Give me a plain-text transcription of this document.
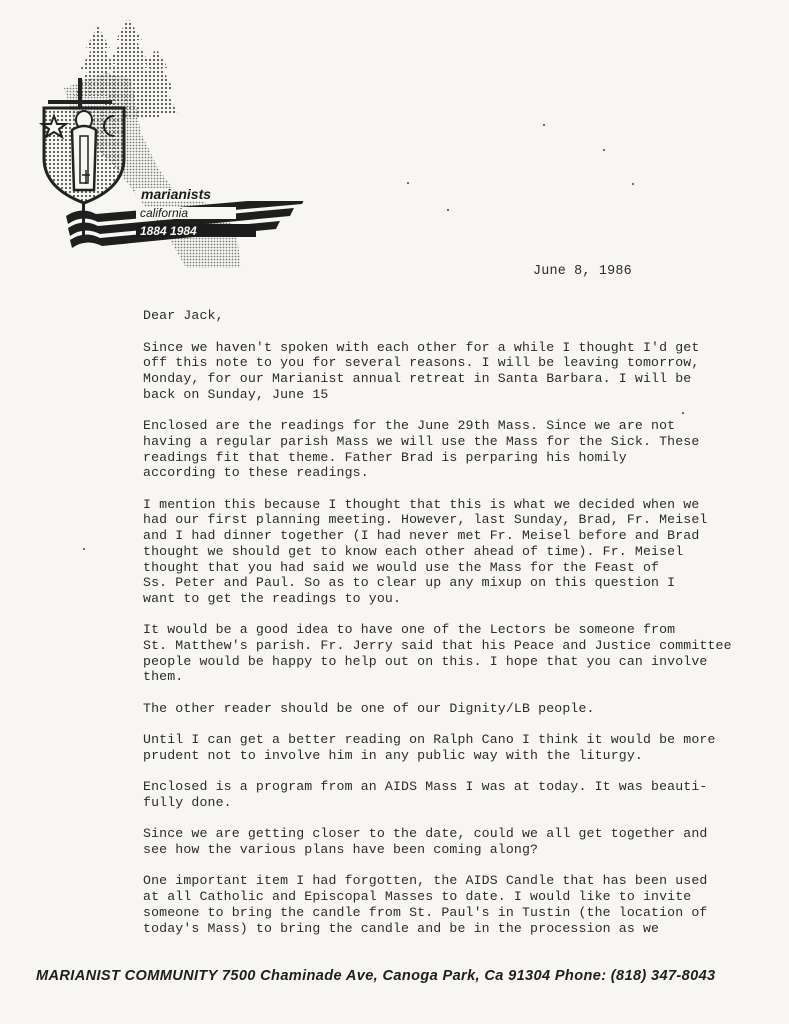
marianists
california
1884 1984
June 8, 1986

Dear Jack,

Since we haven't spoken with each other for a while I thought I'd get
off this note to you for several reasons. I will be leaving tomorrow,
Monday, for our Marianist annual retreat in Santa Barbara. I will be
back on Sunday, June 15

Enclosed are the readings for the June 29th Mass. Since we are not
having a regular parish Mass we will use the Mass for the Sick. These
readings fit that theme. Father Brad is perparing his homily
according to these readings.

I mention this because I thought that this is what we decided when we
had our first planning meeting. However, last Sunday, Brad, Fr. Meisel
and I had dinner together (I had never met Fr. Meisel before and Brad
thought we should get to know each other ahead of time). Fr. Meisel
thought that you had said we would use the Mass for the Feast of
Ss. Peter and Paul. So as to clear up any mixup on this question I
want to get the readings to you.

It would be a good idea to have one of the Lectors be someone from
St. Matthew's parish. Fr. Jerry said that his Peace and Justice committee
people would be happy to help out on this. I hope that you can involve
them.

The other reader should be one of our Dignity/LB people.

Until I can get a better reading on Ralph Cano I think it would be more
prudent not to involve him in any public way with the liturgy.

Enclosed is a program from an AIDS Mass I was at today. It was beauti-
fully done.

Since we are getting closer to the date, could we all get together and
see how the various plans have been coming along?

One important item I had forgotten, the AIDS Candle that has been used
at all Catholic and Episcopal Masses to date. I would like to invite
someone to bring the candle from St. Paul's in Tustin (the location of
today's Mass) to bring the candle and be in the procession as we

MARIANIST COMMUNITY 7500 Chaminade Ave, Canoga Park, Ca 91304 Phone: (818) 347-8043
